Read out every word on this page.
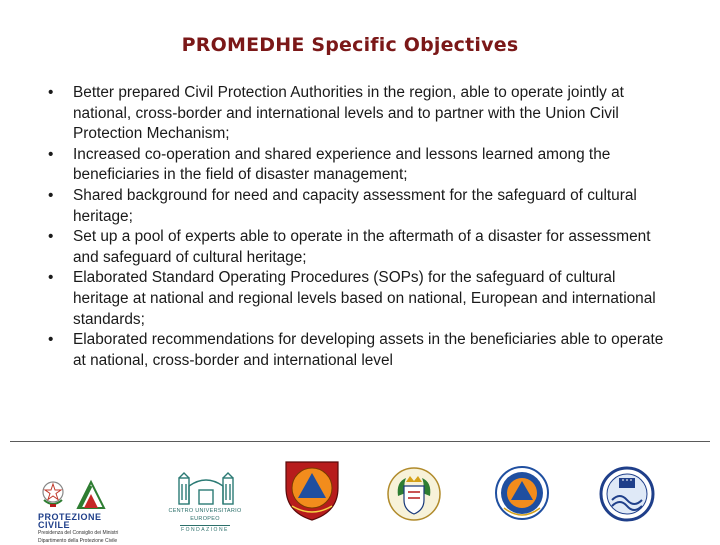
PROMEDHE Specific Objectives
• Better prepared Civil Protection Authorities in the region, able to operate jointly at national, cross-border and international levels and to partner with the Union Civil Protection Mechanism;
• Increased co-operation and shared experience and lessons learned among the beneficiaries in the field of disaster management;
• Shared background for need and capacity assessment for the safeguard of cultural heritage;
• Set up a pool of experts able to operate in the aftermath of a disaster for assessment and safeguard of cultural heritage;
• Elaborated Standard Operating Procedures (SOPs) for the safeguard of cultural heritage at national and regional levels based on national, European and international standards;
• Elaborated recommendations for developing assets in the beneficiaries able to operate at national, cross-border and international level
PROTEZIONE CIVILE
Presidenza del Consiglio dei Ministri Dipartimento della Protezione Civile
CENTRO UNIVERSITARIO EUROPEO
FONDAZIONE
